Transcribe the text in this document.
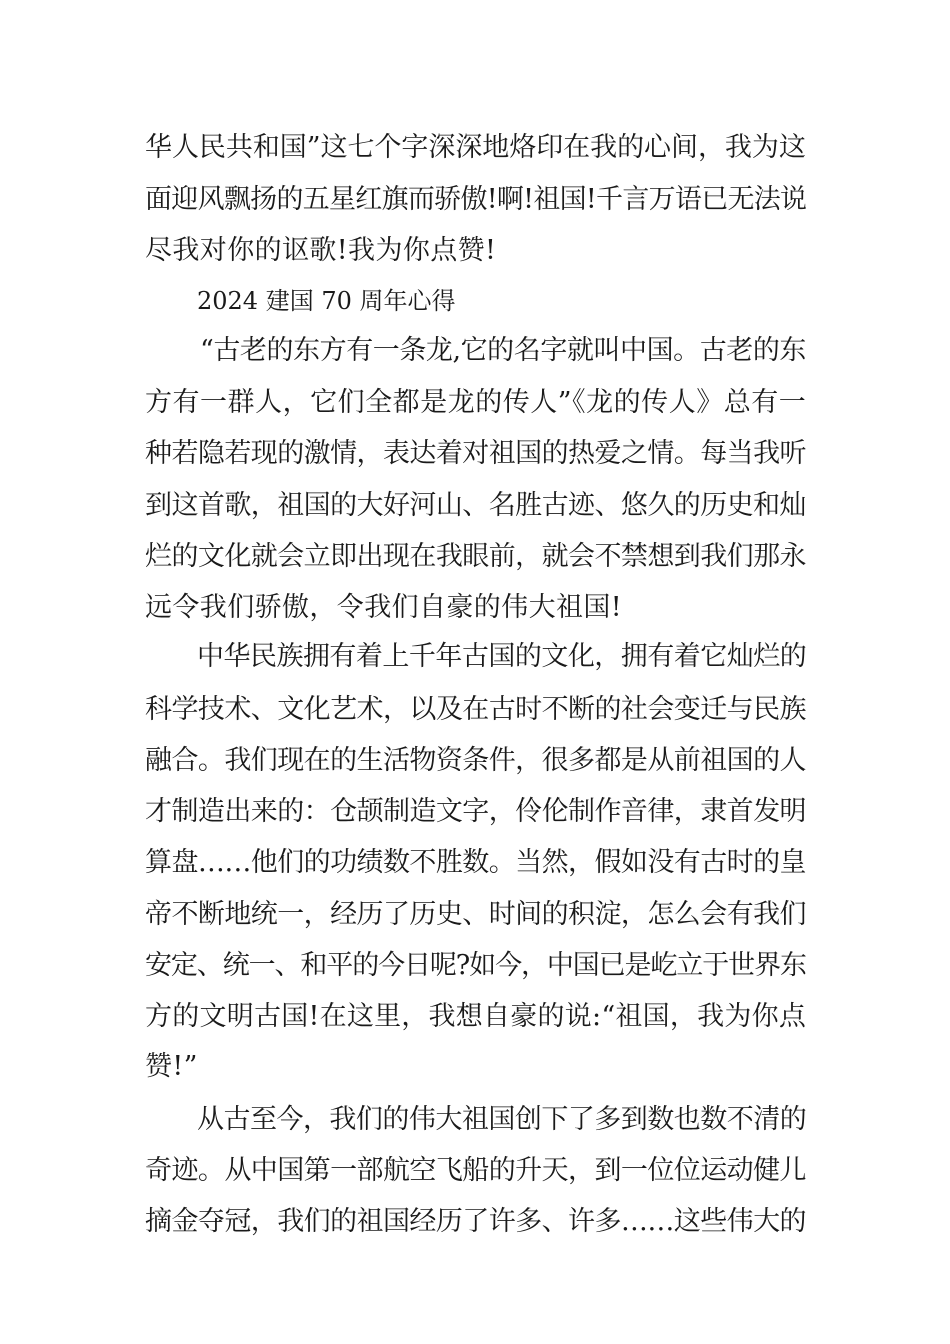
华人民共和国”这七个字深深地烙印在我的心间，我为这
面迎风飘扬的五星红旗而骄傲!啊!祖国!千言万语已无法说
尽我对你的讴歌!我为你点赞!
2024 建国 70 周年心得
“古老的东方有一条龙,它的名字就叫中国。古老的东
方有一群人，它们全都是龙的传人”《龙的传人》总有一
种若隐若现的激情，表达着对祖国的热爱之情。每当我听
到这首歌，祖国的大好河山、名胜古迹、悠久的历史和灿
烂的文化就会立即出现在我眼前，就会不禁想到我们那永
远令我们骄傲，令我们自豪的伟大祖国!
中华民族拥有着上千年古国的文化，拥有着它灿烂的
科学技术、文化艺术，以及在古时不断的社会变迁与民族
融合。我们现在的生活物资条件，很多都是从前祖国的人
才制造出来的：仓颉制造文字，伶伦制作音律，隶首发明
算盘……他们的功绩数不胜数。当然，假如没有古时的皇
帝不断地统一，经历了历史、时间的积淀，怎么会有我们
安定、统一、和平的今日呢?如今，中国已是屹立于世界东
方的文明古国!在这里，我想自豪的说:“祖国，我为你点
赞!”
从古至今，我们的伟大祖国创下了多到数也数不清的
奇迹。从中国第一部航空飞船的升天，到一位位运动健儿
摘金夺冠，我们的祖国经历了许多、许多……这些伟大的
